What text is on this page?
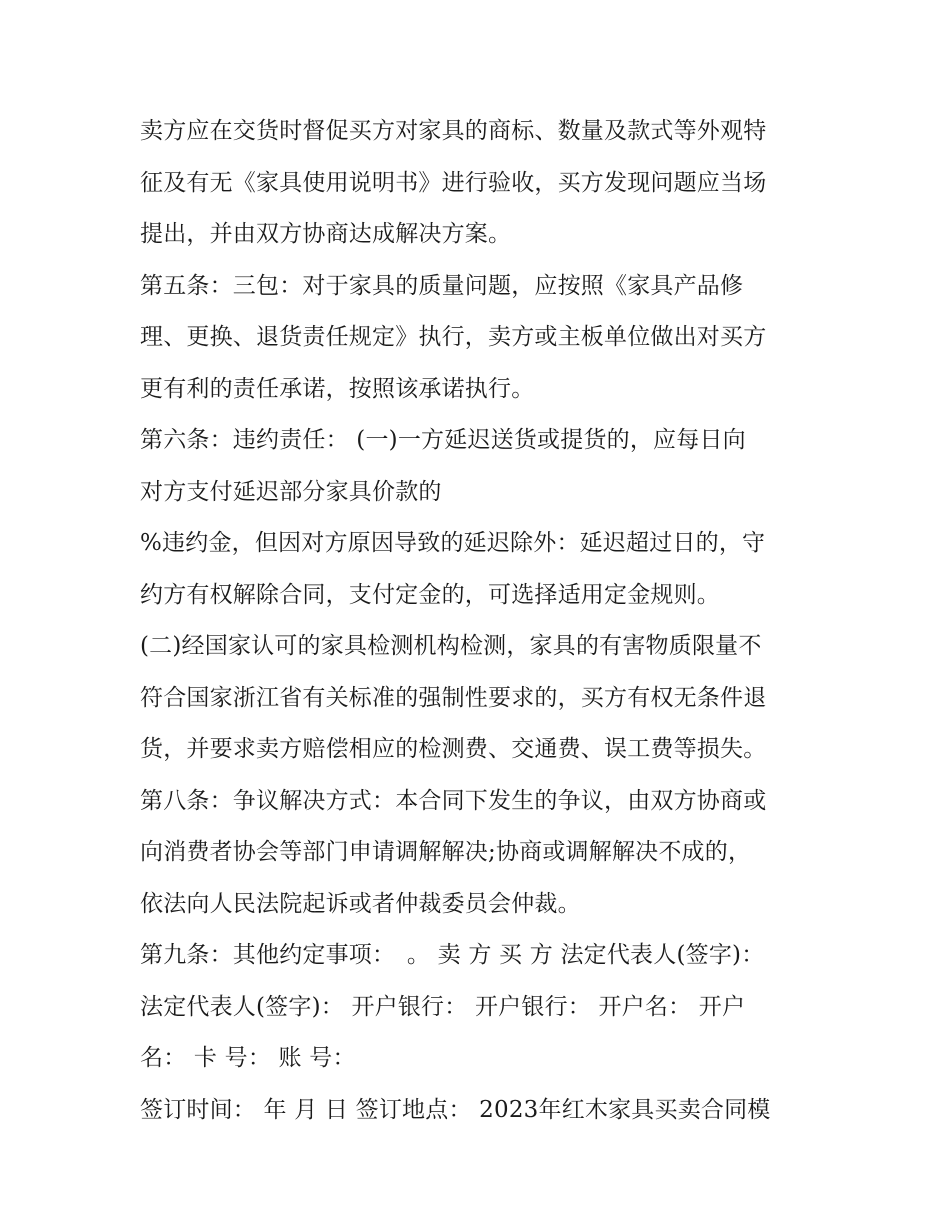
卖方应在交货时督促买方对家具的商标、数量及款式等外观特
征及有无《家具使用说明书》进行验收，买方发现问题应当场
提出，并由双方协商达成解决方案。
第五条：三包：对于家具的质量问题，应按照《家具产品修
理、更换、退货责任规定》执行，卖方或主板单位做出对买方
更有利的责任承诺，按照该承诺执行。
第六条：违约责任： (一)一方延迟送货或提货的，应每日向
对方支付延迟部分家具价款的
%违约金，但因对方原因导致的延迟除外：延迟超过日的，守
约方有权解除合同，支付定金的，可选择适用定金规则。
(二)经国家认可的家具检测机构检测，家具的有害物质限量不
符合国家浙江省有关标准的强制性要求的，买方有权无条件退
货，并要求卖方赔偿相应的检测费、交通费、误工费等损失。
第八条：争议解决方式：本合同下发生的争议，由双方协商或
向消费者协会等部门申请调解解决;协商或调解解决不成的，
依法向人民法院起诉或者仲裁委员会仲裁。
第九条：其他约定事项：　。 卖 方 买 方 法定代表人(签字)：
法定代表人(签字)： 开户银行： 开户银行： 开户名： 开户
名： 卡 号： 账 号：
签订时间： 年 月 日 签订地点： 2023年红木家具买卖合同模
